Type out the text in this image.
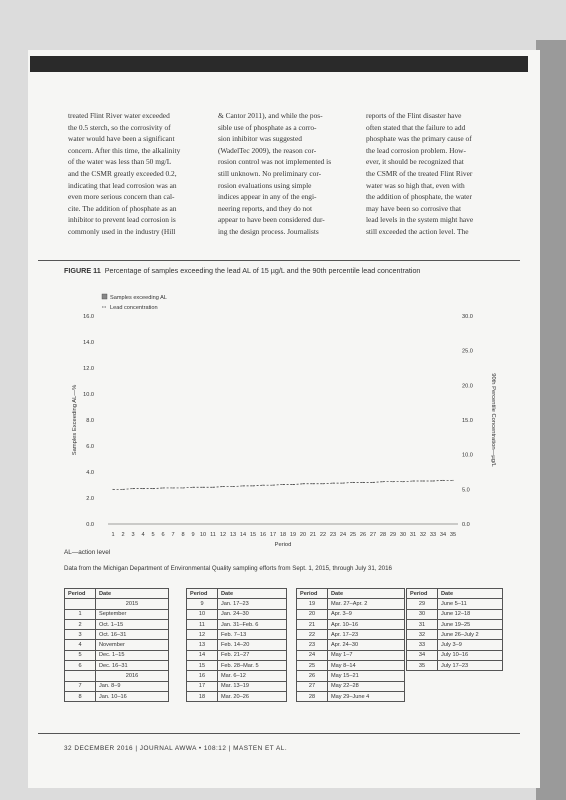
treated Flint River water exceeded

the 0.5 sterch, so the corrosivity of

water would have been a significant

concern. After this time, the alkalinity

of the water was less than 50 mg/L

and the CSMR greatly exceeded 0.2,

indicating that lead corrosion was an

even more serious concern than cal-

cite. The addition of phosphate as an

inhibitor to prevent lead corrosion is

commonly used in the industry (Hill

& Cantor 2011), and while the pos-

sible use of phosphate as a corro-

sion inhibitor was suggested

(WadelTec 2009), the reason cor-

rosion control was not implemented is

still unknown. No preliminary cor-

rosion evaluations using simple

indices appear in any of the engi-

neering reports, and they do not

appear to have been considered dur-

ing the design process. Journalists

reports of the Flint disaster have

often stated that the failure to add

phosphate was the primary cause of

the lead corrosion problem. How-

ever, it should be recognized that

the CSMR of the treated Flint River

water was so high that, even with

the addition of phosphate, the water

may have been so corrosive that

lead levels in the system might have

still exceeded the action level. The

FIGURE 11 Percentage of samples exceeding the lead AL of 15 µg/L and the 90th percentile lead concentration
0.0
2.0
4.0
6.0
8.0
10.0
12.0
14.0
16.0
0.0
5.0
10.0
15.0
20.0
25.0
30.0
1 2 3 4 5 6 7 8 9 10 11 12 13 14 15 16 17 18 19 20 21 22 23 24 25 26 27 28 29 30 31 32 33 34 35
Period
Samples Exceeding AL—%	90th Percentile Concentration—µg/L
Samples exceeding AL
Lead concentration
AL—action level
Data from the Michigan Department of Environmental Quality sampling efforts from Sept. 1, 2015, through July 31, 2016
Period	Date
	2015
1	September
2	Oct. 1–15
3	Oct. 16–31
4	November
5	Dec. 1–15
6	Dec. 16–31
	2016
7	Jan. 8–9
8	Jan. 10–16
Period	Date
9	Jan. 17–23
10	Jan. 24–30
11	Jan. 31–Feb. 6
12	Feb. 7–13
13	Feb. 14–20
14	Feb. 21–27
15	Feb. 28–Mar. 5
16	Mar. 6–12
17	Mar. 13–19
18	Mar. 20–26
Period	Date
19	Mar. 27–Apr. 2
20	Apr. 3–9
21	Apr. 10–16
22	Apr. 17–23
23	Apr. 24–30
24	May 1–7
25	May 8–14
26	May 15–21
27	May 22–28
28	May 29–June 4
Period	Date
29	June 5–11
30	June 12–18
31	June 19–25
32	June 26–July 2
33	July 3–9
34	July 10–16
35	July 17–23
32 DECEMBER 2016 | JOURNAL AWWA • 108:12 | MASTEN ET AL.
